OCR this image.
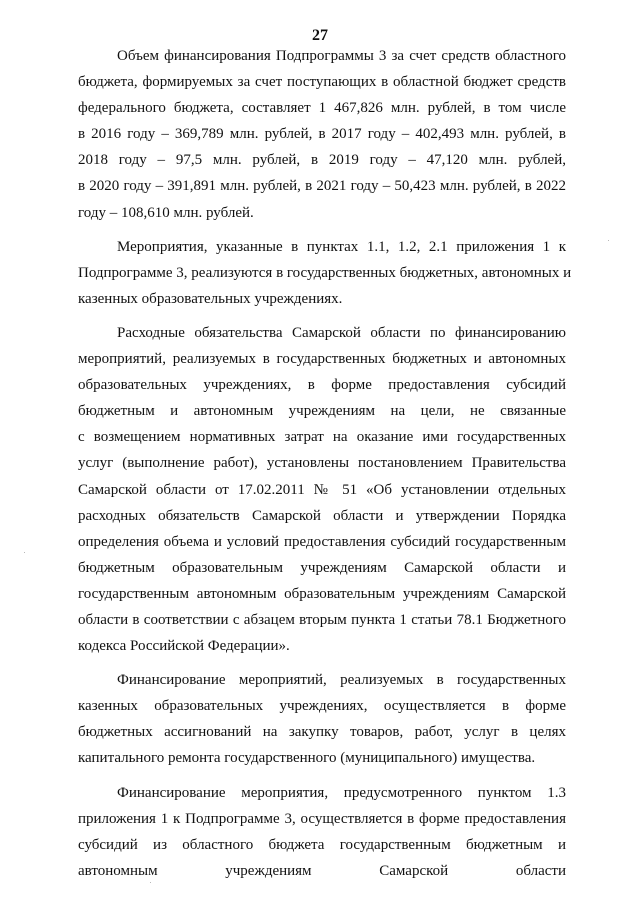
27
Объем финансирования Подпрограммы 3 за счет средств областного
бюджета, формируемых за счет поступающих в областной бюджет средств
федерального бюджета, составляет 1 467,826 млн. рублей, в том числе
в 2016 году – 369,789 млн. рублей, в 2017 году – 402,493 млн. рублей, в
2018 году – 97,5 млн. рублей, в 2019 году – 47,120 млн. рублей,
в 2020 году – 391,891 млн. рублей, в 2021 году – 50,423 млн. рублей, в 2022
году – 108,610 млн. рублей.
Мероприятия, указанные в пунктах 1.1, 1.2, 2.1 приложения 1 к
Подпрограмме 3, реализуются в государственных бюджетных, автономных и
казенных образовательных учреждениях.
Расходные обязательства Самарской области по финансированию
мероприятий, реализуемых в государственных бюджетных и автономных
образовательных учреждениях, в форме предоставления субсидий
бюджетным и автономным учреждениям на цели, не связанные
с возмещением нормативных затрат на оказание ими государственных
услуг (выполнение работ), установлены постановлением Правительства
Самарской области от 17.02.2011 № 51 «Об установлении отдельных
расходных обязательств Самарской области и утверждении Порядка
определения объема и условий предоставления субсидий государственным
бюджетным образовательным учреждениям Самарской области и
государственным автономным образовательным учреждениям Самарской
области в соответствии с абзацем вторым пункта 1 статьи 78.1 Бюджетного
кодекса Российской Федерации».
Финансирование мероприятий, реализуемых в государственных
казенных образовательных учреждениях, осуществляется в форме
бюджетных ассигнований на закупку товаров, работ, услуг в целях
капитального ремонта государственного (муниципального) имущества.
Финансирование мероприятия, предусмотренного пунктом 1.3
приложения 1 к Подпрограмме 3, осуществляется в форме предоставления
субсидий из областного бюджета государственным бюджетным и
автономным учреждениям Самарской области
